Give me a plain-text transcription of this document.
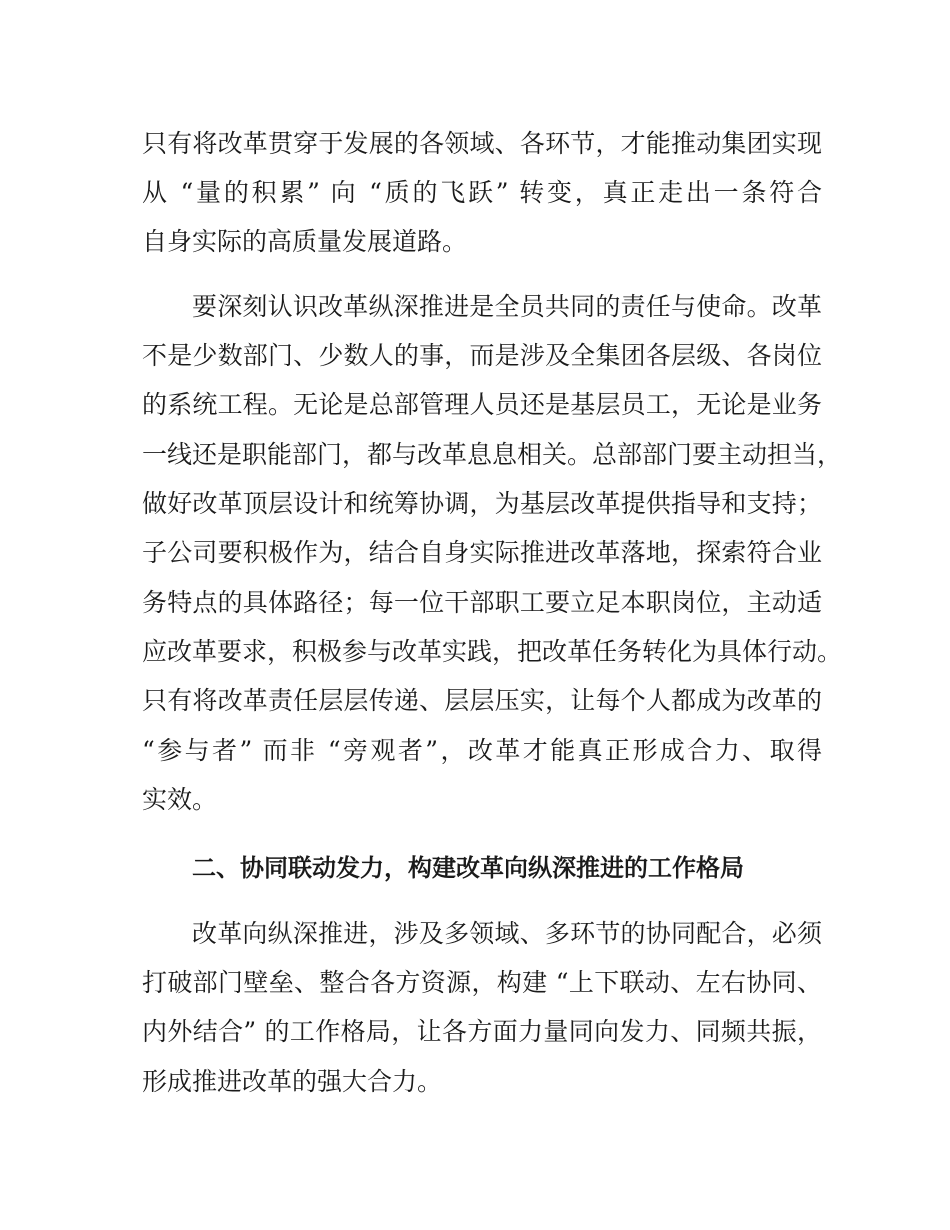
只有将改革贯穿于发展的各领域、各环节，才能推动集团实现
从 “量的积累” 向 “质的飞跃” 转变，真正走出一条符合
自身实际的高质量发展道路。
要深刻认识改革纵深推进是全员共同的责任与使命。改革
不是少数部门、少数人的事，而是涉及全集团各层级、各岗位
的系统工程。无论是总部管理人员还是基层员工，无论是业务
一线还是职能部门，都与改革息息相关。总部部门要主动担当，
做好改革顶层设计和统筹协调，为基层改革提供指导和支持；
子公司要积极作为，结合自身实际推进改革落地，探索符合业
务特点的具体路径；每一位干部职工要立足本职岗位，主动适
应改革要求，积极参与改革实践，把改革任务转化为具体行动。
只有将改革责任层层传递、层层压实，让每个人都成为改革的
“参与者” 而非 “旁观者”，改革才能真正形成合力、取得
实效。
二、协同联动发力，构建改革向纵深推进的工作格局
改革向纵深推进，涉及多领域、多环节的协同配合，必须
打破部门壁垒、整合各方资源，构建 “上下联动、左右协同、
内外结合” 的工作格局，让各方面力量同向发力、同频共振，
形成推进改革的强大合力。
